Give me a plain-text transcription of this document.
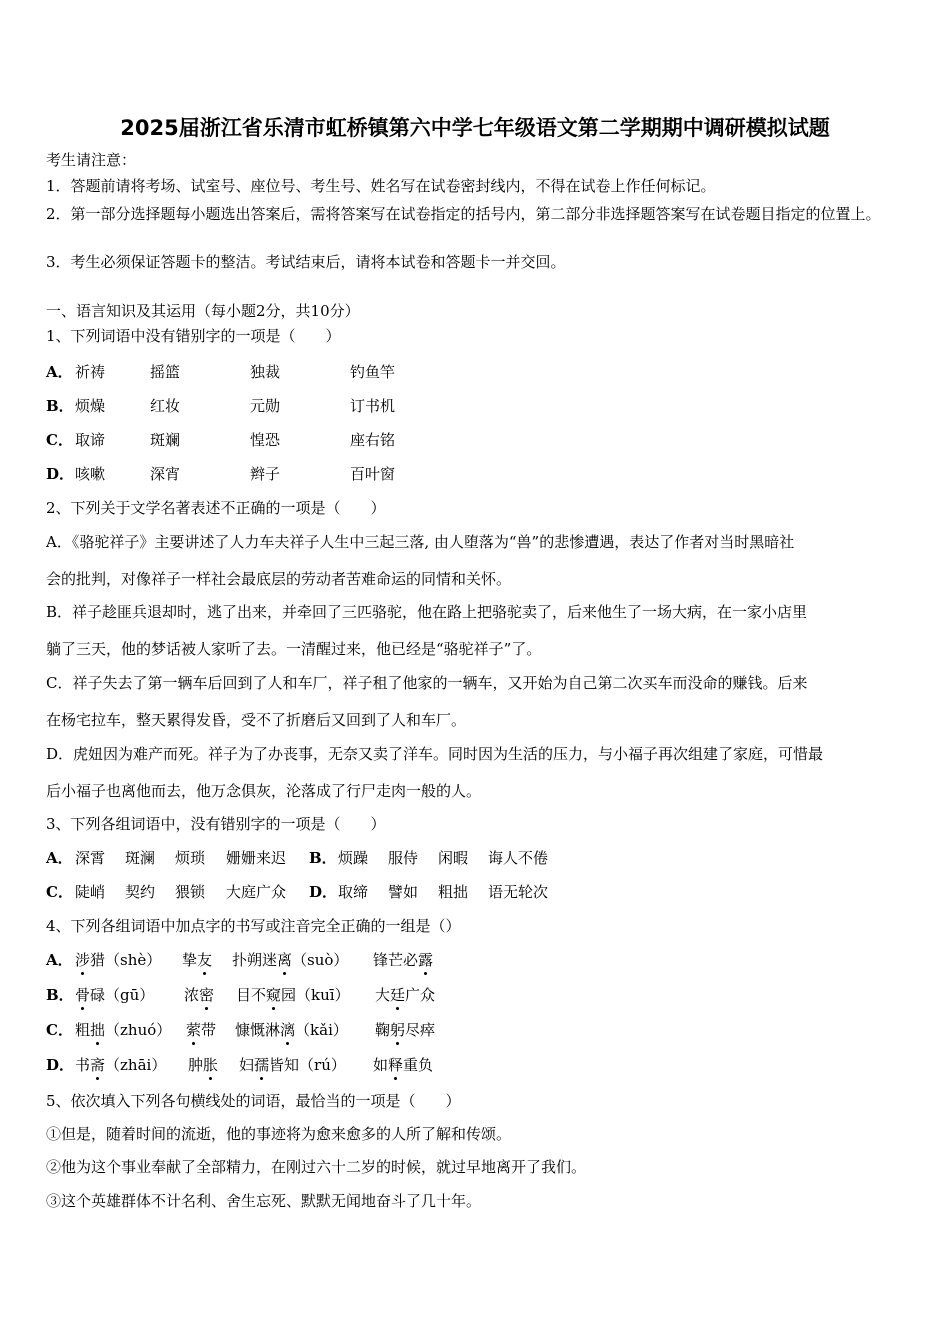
2025届浙江省乐清市虹桥镇第六中学七年级语文第二学期期中调研模拟试题
考生请注意：
1．答题前请将考场、试室号、座位号、考生号、姓名写在试卷密封线内，不得在试卷上作任何标记。
2．第一部分选择题每小题选出答案后，需将答案写在试卷指定的括号内，第二部分非选择题答案写在试卷题目指定的位置上。
3．考生必须保证答题卡的整洁。考试结束后，请将本试卷和答题卡一并交回。
一、语言知识及其运用（每小题2分，共10分）
1、下列词语中没有错别字的一项是（　　）
A． 祈祷	摇篮	独裁	钓鱼竿
B． 烦燥	红妆	元勋	订书机
C． 取谛	斑斓	惶恐	座右铭
D． 咳嗽	深宵	辫子	百叶窗
2、下列关于文学名著表述不正确的一项是（　　）
A．《骆驼祥子》主要讲述了人力车夫祥子人生中三起三落, 由人堕落为“兽”的悲惨遭遇，表达了作者对当时黑暗社
会的批判，对像祥子一样社会最底层的劳动者苦难命运的同情和关怀。
B．祥子趁匪兵退却时，逃了出来，并牵回了三匹骆驼，他在路上把骆驼卖了，后来他生了一场大病，在一家小店里
躺了三天，他的梦话被人家听了去。一清醒过来，他已经是“骆驼祥子”了。
C．祥子失去了第一辆车后回到了人和车厂，祥子租了他家的一辆车，又开始为自己第二次买车而没命的赚钱。后来
在杨宅拉车，整天累得发昏，受不了折磨后又回到了人和车厂。
D．虎妞因为难产而死。祥子为了办丧事，无奈又卖了洋车。同时因为生活的压力，与小福子再次组建了家庭，可惜最
后小福子也离他而去，他万念俱灰，沦落成了行尸走肉一般的人。
3、下列各组词语中，没有错别字的一项是（　　）
A． 深霄 斑澜 烦琐 姗姗来迟 B． 烦躁 服侍 闲暇 诲人不倦
C． 陡峭 契约 猥锁 大庭广众 D． 取缔 譬如 粗拙 语无轮次
4、下列各组词语中加点字的书写或注音完全正确的一组是（）
A． 涉猎（shè） 挚友 扑朔迷离（suò） 锋芒必露
B． 骨碌（gū） 浓密 目不窥园（kuī） 大廷广众
C． 粗拙（zhuó） 萦带 慷慨淋漓（kǎi） 鞠躬尽瘁
D． 书斋（zhāi） 肿胀 妇孺皆知（rú） 如释重负
5、依次填入下列各句横线处的词语，最恰当的一项是（　　）
①但是，随着时间的流逝，他的事迹将为愈来愈多的人所了解和传颂。
②他为这个事业奉献了全部精力，在刚过六十二岁的时候，就过早地离开了我们。
③这个英雄群体不计名利、舍生忘死、默默无闻地奋斗了几十年。
